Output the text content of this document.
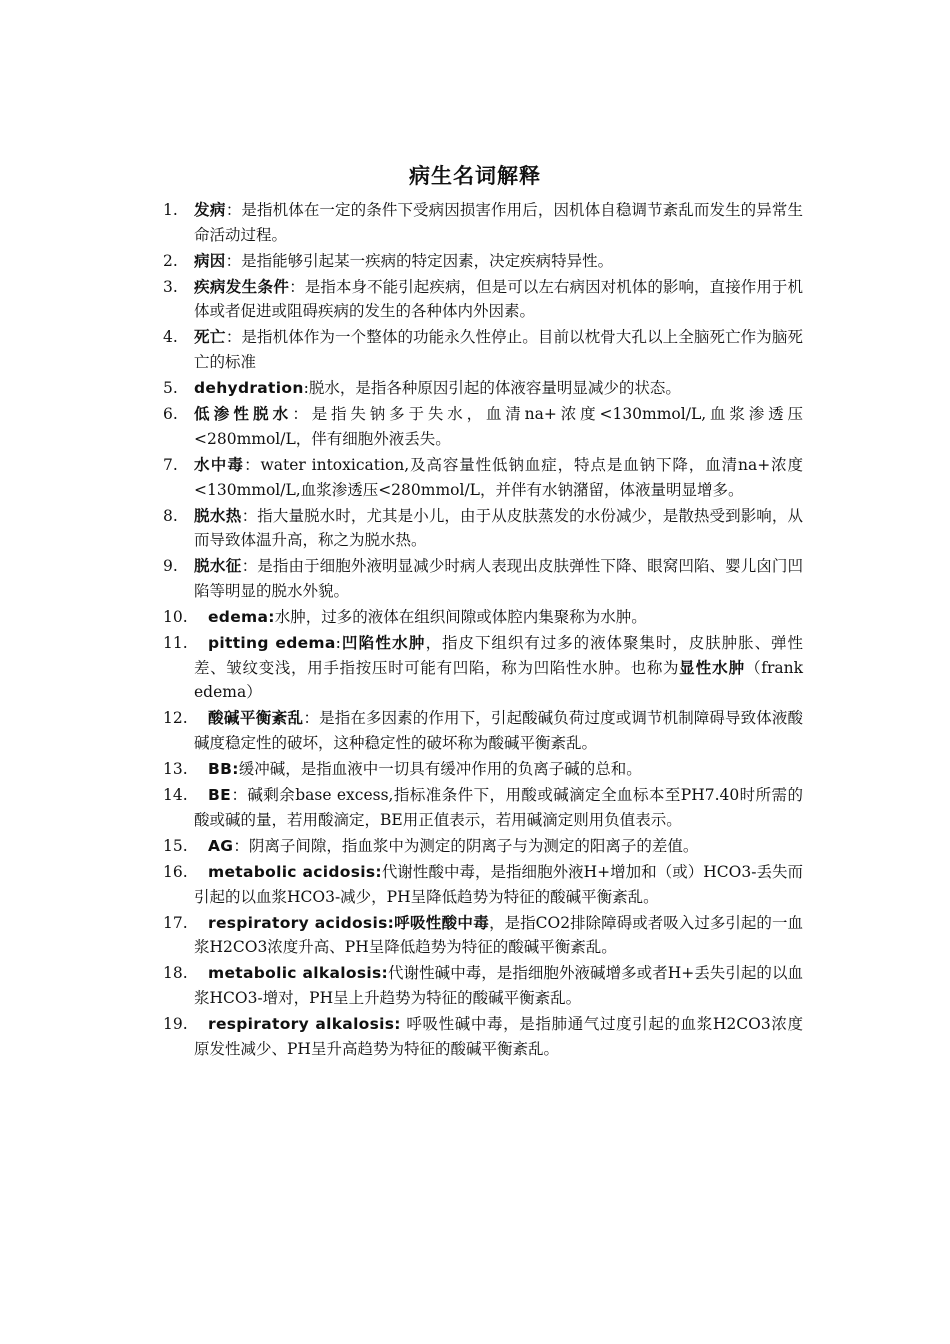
病生名词解释
1.	发病：是指机体在一定的条件下受病因损害作用后，因机体自稳调节紊乱而发生的异常生命活动过程。
2.	病因：是指能够引起某一疾病的特定因素，决定疾病特异性。
3.	疾病发生条件：是指本身不能引起疾病，但是可以左右病因对机体的影响，直接作用于机体或者促进或阻碍疾病的发生的各种体内外因素。
4.	死亡：是指机体作为一个整体的功能永久性停止。目前以枕骨大孔以上全脑死亡作为脑死亡的标准
5.	dehydration:脱水，是指各种原因引起的体液容量明显减少的状态。
6.	低渗性脱水：是指失钠多于失水，血清na+浓度<130mmol/L,血浆渗透压<280mmol/L，伴有细胞外液丢失。
7.	水中毒：water intoxication,及高容量性低钠血症，特点是血钠下降，血清na+浓度<130mmol/L,血浆渗透压<280mmol/L，并伴有水钠潴留，体液量明显增多。
8.	脱水热：指大量脱水时，尤其是小儿，由于从皮肤蒸发的水份减少，是散热受到影响，从而导致体温升高，称之为脱水热。
9.	脱水征：是指由于细胞外液明显减少时病人表现出皮肤弹性下降、眼窝凹陷、婴儿囟门凹陷等明显的脱水外貌。
10.	edema:水肿，过多的液体在组织间隙或体腔内集聚称为水肿。
11.	pitting edema:凹陷性水肿，指皮下组织有过多的液体聚集时，皮肤肿胀、弹性差、皱纹变浅，用手指按压时可能有凹陷，称为凹陷性水肿。也称为显性水肿（frank　edema）
12.	酸碱平衡紊乱：是指在多因素的作用下，引起酸碱负荷过度或调节机制障碍导致体液酸碱度稳定性的破坏，这种稳定性的破坏称为酸碱平衡紊乱。
13.	BB:缓冲碱，是指血液中一切具有缓冲作用的负离子碱的总和。
14.	BE：碱剩余base excess,指标准条件下，用酸或碱滴定全血标本至PH7.40时所需的酸或碱的量，若用酸滴定，BE用正值表示，若用碱滴定则用负值表示。
15.	AG：阴离子间隙，指血浆中为测定的阴离子与为测定的阳离子的差值。
16.	metabolic acidosis:代谢性酸中毒，是指细胞外液H+增加和（或）HCO3-丢失而引起的以血浆HCO3-减少，PH呈降低趋势为特征的酸碱平衡紊乱。
17.	respiratory acidosis:呼吸性酸中毒，是指CO2排除障碍或者吸入过多引起的一血浆H2CO3浓度升高、PH呈降低趋势为特征的酸碱平衡紊乱。
18.	metabolic alkalosis:代谢性碱中毒，是指细胞外液碱增多或者H+丢失引起的以血浆HCO3-增对，PH呈上升趋势为特征的酸碱平衡紊乱。
19.	respiratory alkalosis: 呼吸性碱中毒，是指肺通气过度引起的血浆H2CO3浓度原发性减少、PH呈升高趋势为特征的酸碱平衡紊乱。
